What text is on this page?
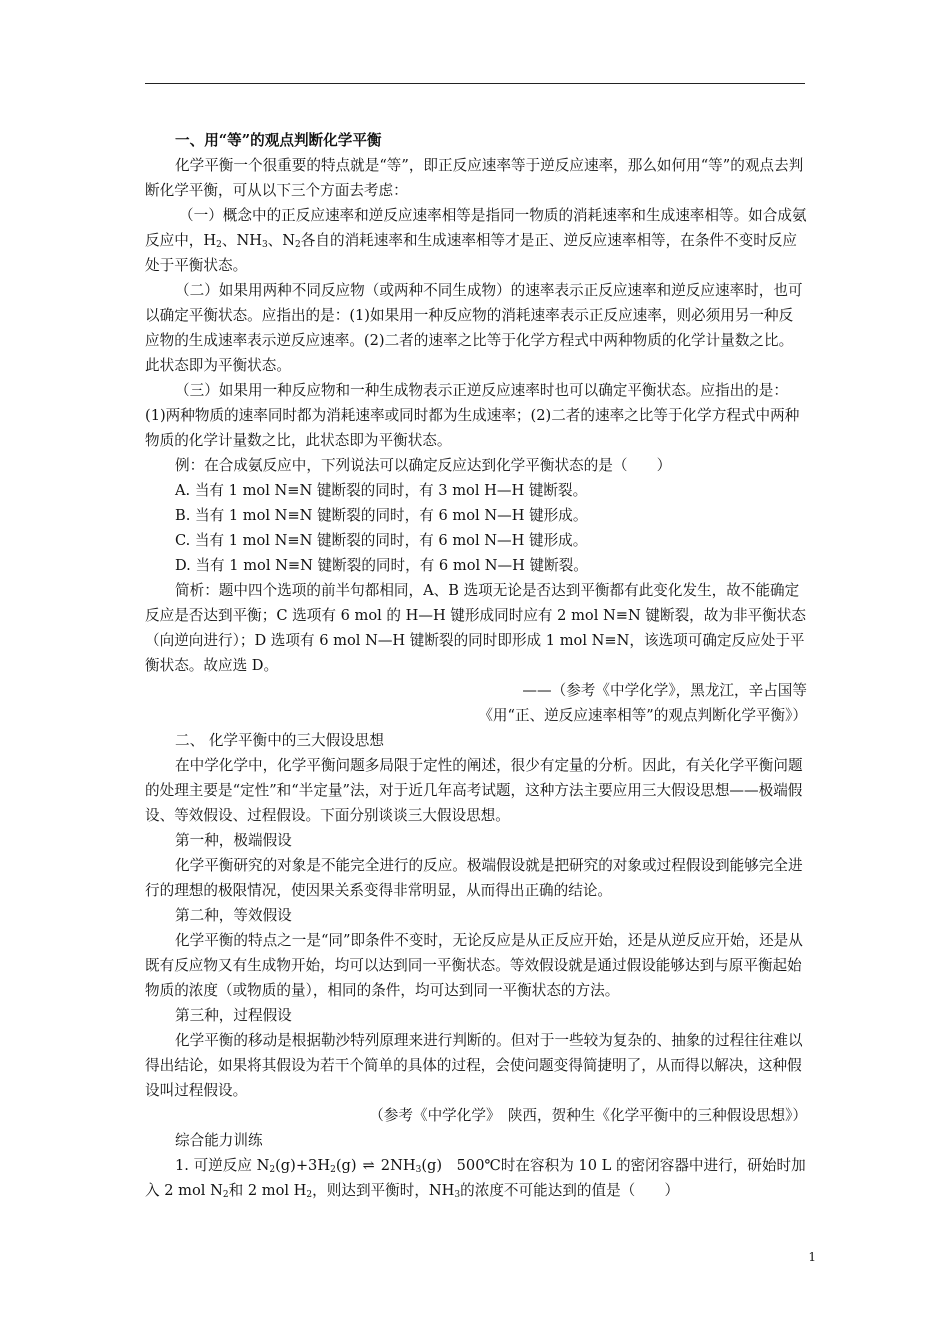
一、用“等”的观点判断化学平衡

化学平衡一个很重要的特点就是“等”，即正反应速率等于逆反应速率，那么如何用“等”的观点去判断化学平衡，可从以下三个方面去考虑：

（一）概念中的正反应速率和逆反应速率相等是指同一物质的消耗速率和生成速率相等。如合成氨反应中，$H_2$、$NH_3$、$N_2$各自的消耗速率和生成速率相等才是正、逆反应速率相等，在条件不变时反应处于平衡状态。

（二）如果用两种不同反应物（或两种不同生成物）的速率表示正反应速率和逆反应速率时，也可以确定平衡状态。应指出的是：(1)如果用一种反应物的消耗速率表示正反应速率，则必须用另一种反应物的生成速率表示逆反应速率。(2)二者的速率之比等于化学方程式中两种物质的化学计量数之比。此状态即为平衡状态。

（三）如果用一种反应物和一种生成物表示正逆反应速率时也可以确定平衡状态。应指出的是：(1)两种物质的速率同时都为消耗速率或同时都为生成速率；(2)二者的速率之比等于化学方程式中两种物质的化学计量数之比，此状态即为平衡状态。

例：在合成氨反应中，下列说法可以确定反应达到化学平衡状态的是（　　）

A. 当有 1 mol N≡N 键断裂的同时，有 3 mol H—H 键断裂。

B. 当有 1 mol N≡N 键断裂的同时，有 6 mol N—H 键形成。

C. 当有 1 mol N≡N 键断裂的同时，有 6 mol N—H 键形成。

D. 当有 1 mol N≡N 键断裂的同时，有 6 mol N—H 键断裂。

简析：题中四个选项的前半句都相同，A、B 选项无论是否达到平衡都有此变化发生，故不能确定反应是否达到平衡；C 选项有 6 mol 的 H—H 键形成同时应有 2 mol N≡N 键断裂，故为非平衡状态（向逆向进行）；D 选项有 6 mol N—H 键断裂的同时即形成 1 mol N≡N，该选项可确定反应处于平衡状态。故应选 D。

——（参考《中学化学》，黑龙江，辛占国等

《用“正、逆反应速率相等”的观点判断化学平衡》）

二、 化学平衡中的三大假设思想

在中学化学中，化学平衡问题多局限于定性的阐述，很少有定量的分析。因此，有关化学平衡问题的处理主要是“定性”和“半定量”法，对于近几年高考试题，这种方法主要应用三大假设思想——极端假设、等效假设、过程假设。下面分别谈谈三大假设思想。

第一种，极端假设

化学平衡研究的对象是不能完全进行的反应。极端假设就是把研究的对象或过程假设到能够完全进行的理想的极限情况，使因果关系变得非常明显，从而得出正确的结论。

第二种，等效假设

化学平衡的特点之一是“同”即条件不变时，无论反应是从正反应开始，还是从逆反应开始，还是从既有反应物又有生成物开始，均可以达到同一平衡状态。等效假设就是通过假设能够达到与原平衡起始物质的浓度（或物质的量），相同的条件，均可达到同一平衡状态的方法。

第三种，过程假设

化学平衡的移动是根据勒沙特列原理来进行判断的。但对于一些较为复杂的、抽象的过程往往难以得出结论，如果将其假设为若干个简单的具体的过程，会使问题变得简捷明了，从而得以解决，这种假设叫过程假设。

（参考《中学化学》　陕西，贺种生《化学平衡中的三种假设思想》）

综合能力训练

1. 可逆反应 $N_2(g)+3H_2(g)$ ⇌ $2NH_3(g)$　500℃时在容积为 10 L 的密闭容器中进行，研始时加入 2 mol $N_2$和 2 mol $H_2$，则达到平衡时，$NH_3$的浓度不可能达到的值是（　　）

1
